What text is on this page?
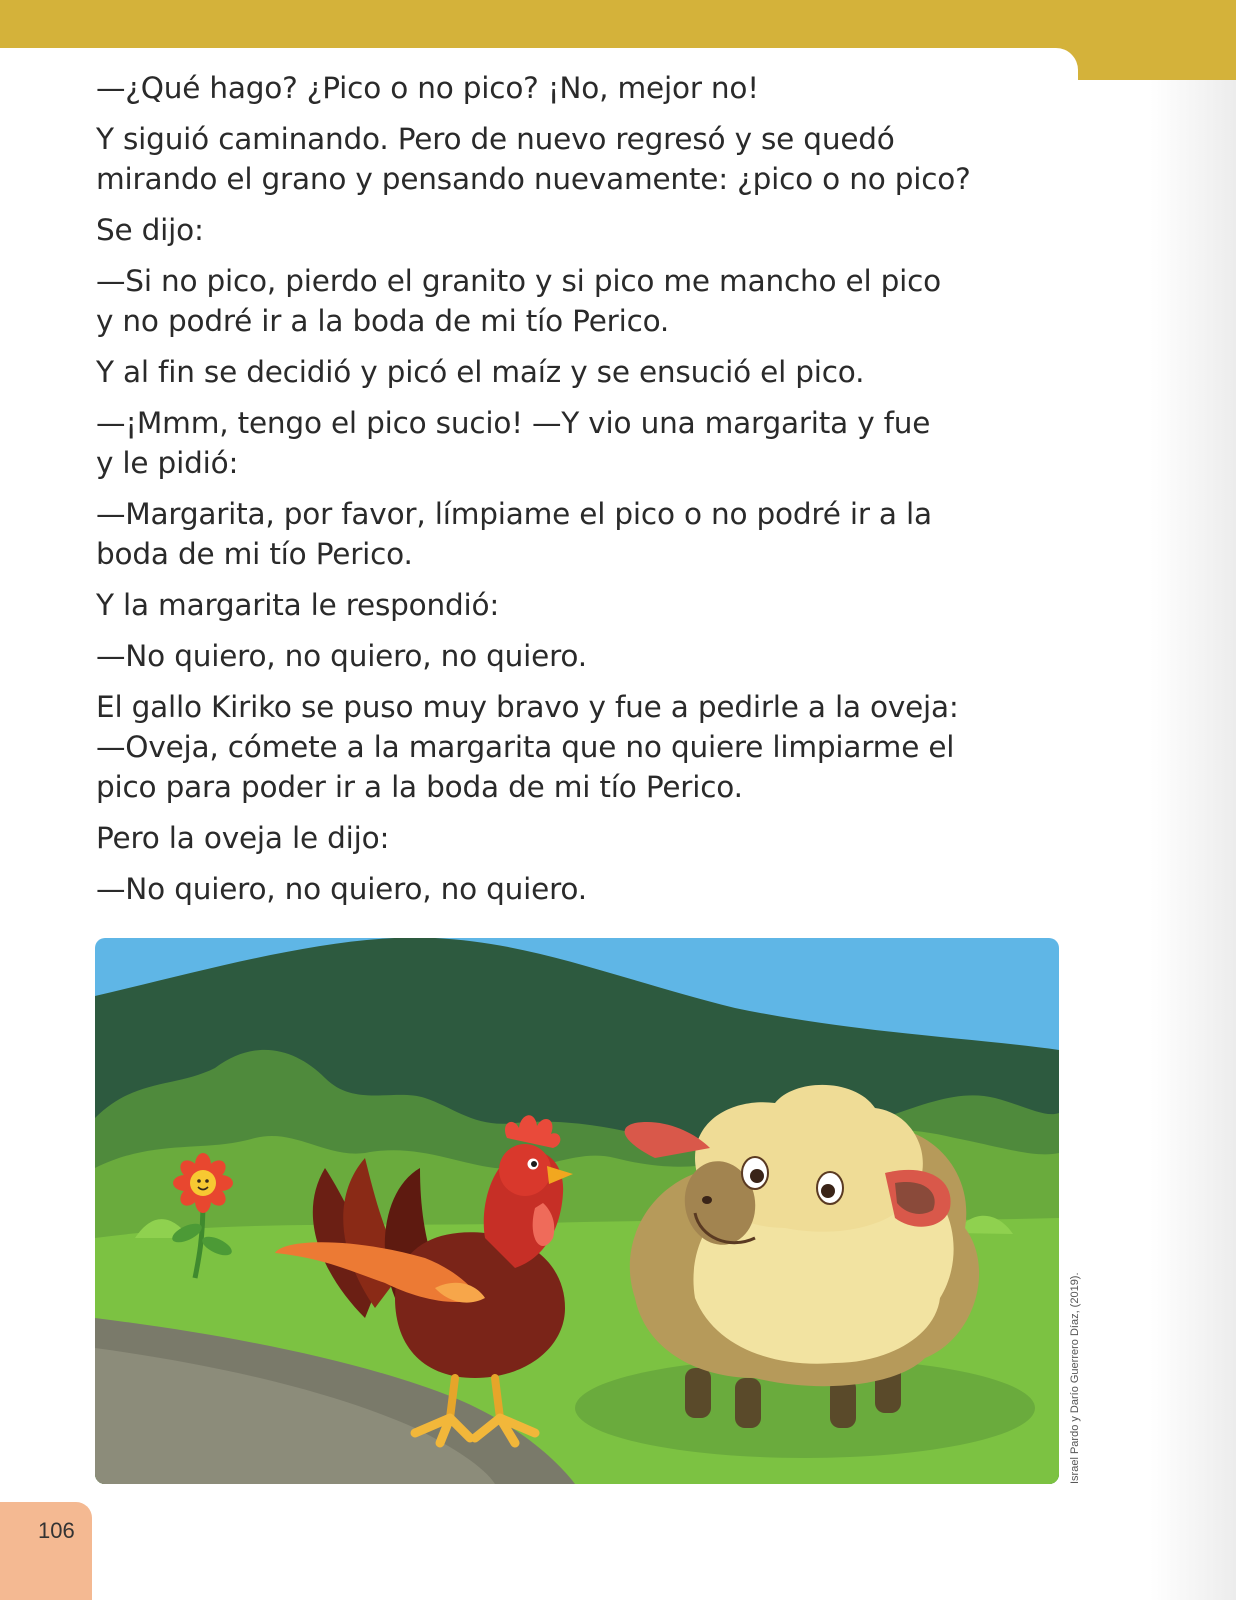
—¿Qué hago? ¿Pico o no pico? ¡No, mejor no!

Y siguió caminando. Pero de nuevo regresó y se quedó
mirando el grano y pensando nuevamente: ¿pico o no pico?

Se dijo:

—Si no pico, pierdo el granito y si pico me mancho el pico
y no podré ir a la boda de mi tío Perico.

Y al fin se decidió y picó el maíz y se ensució el pico.

—¡Mmm, tengo el pico sucio! —Y vio una margarita y fue
y le pidió:

—Margarita, por favor, límpiame el pico o no podré ir a la
boda de mi tío Perico.

Y la margarita le respondió:

—No quiero, no quiero, no quiero.

El gallo Kiriko se puso muy bravo y fue a pedirle a la oveja:

—Oveja, cómete a la margarita que no quiere limpiarme el
pico para poder ir a la boda de mi tío Perico.

Pero la oveja le dijo:

—No quiero, no quiero, no quiero.

Israel Pardo y Darío Guerrero Díaz, (2019).
106
